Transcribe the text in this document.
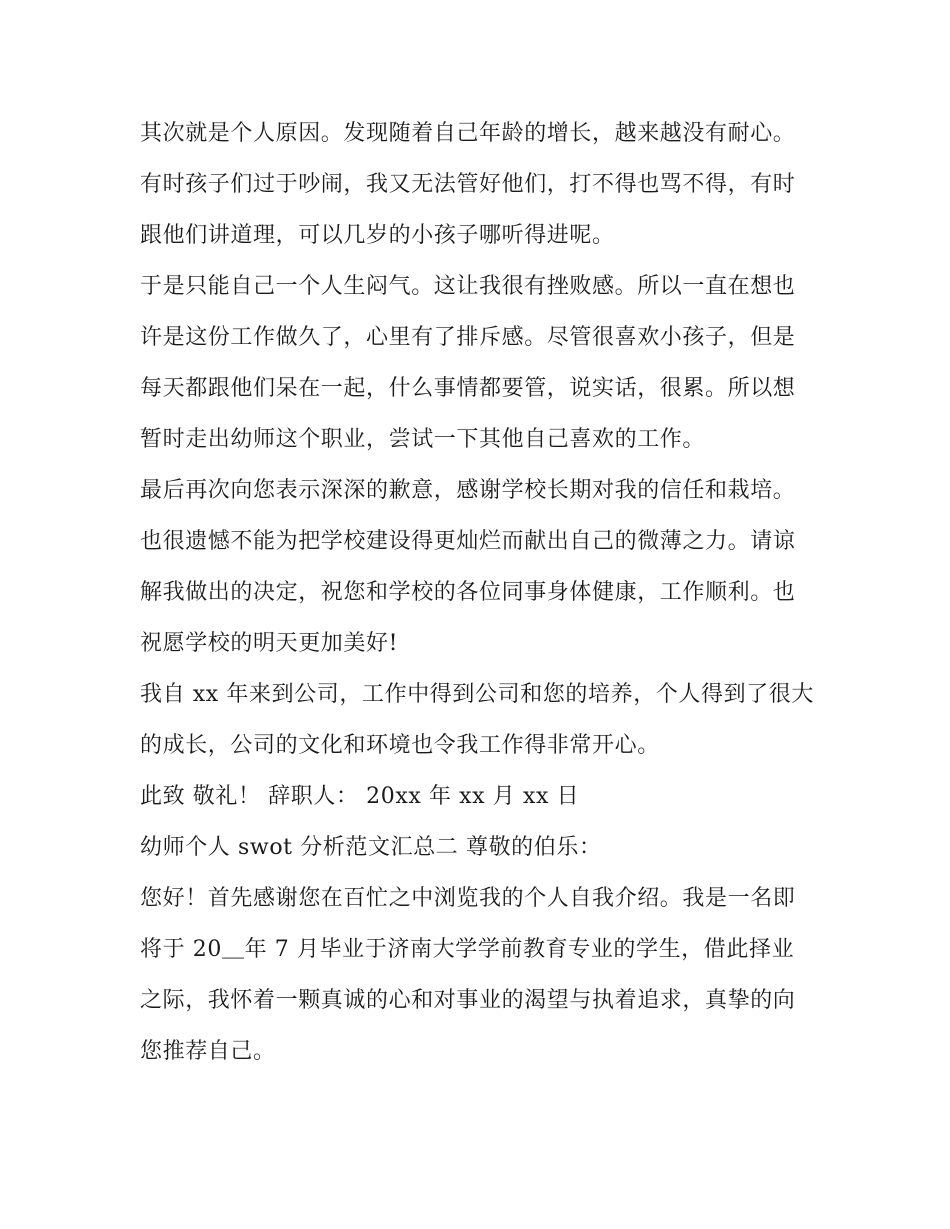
其次就是个人原因。发现随着自己年龄的增长，越来越没有耐心。有时孩子们过于吵闹，我又无法管好他们，打不得也骂不得，有时跟他们讲道理，可以几岁的小孩子哪听得进呢。

于是只能自己一个人生闷气。这让我很有挫败感。所以一直在想也许是这份工作做久了，心里有了排斥感。尽管很喜欢小孩子，但是每天都跟他们呆在一起，什么事情都要管，说实话，很累。所以想暂时走出幼师这个职业，尝试一下其他自己喜欢的工作。

最后再次向您表示深深的歉意，感谢学校长期对我的信任和栽培。也很遗憾不能为把学校建设得更灿烂而献出自己的微薄之力。请谅解我做出的决定，祝您和学校的各位同事身体健康，工作顺利。也祝愿学校的明天更加美好!

我自 xx 年来到公司，工作中得到公司和您的培养，个人得到了很大的成长，公司的文化和环境也令我工作得非常开心。

此致 敬礼！ 辞职人： 20xx 年 xx 月 xx 日

幼师个人 swot 分析范文汇总二 尊敬的伯乐：

您好！首先感谢您在百忙之中浏览我的个人自我介绍。我是一名即将于 20＿年 7 月毕业于济南大学学前教育专业的学生，借此择业之际，我怀着一颗真诚的心和对事业的渴望与执着追求，真挚的向您推荐自己。
